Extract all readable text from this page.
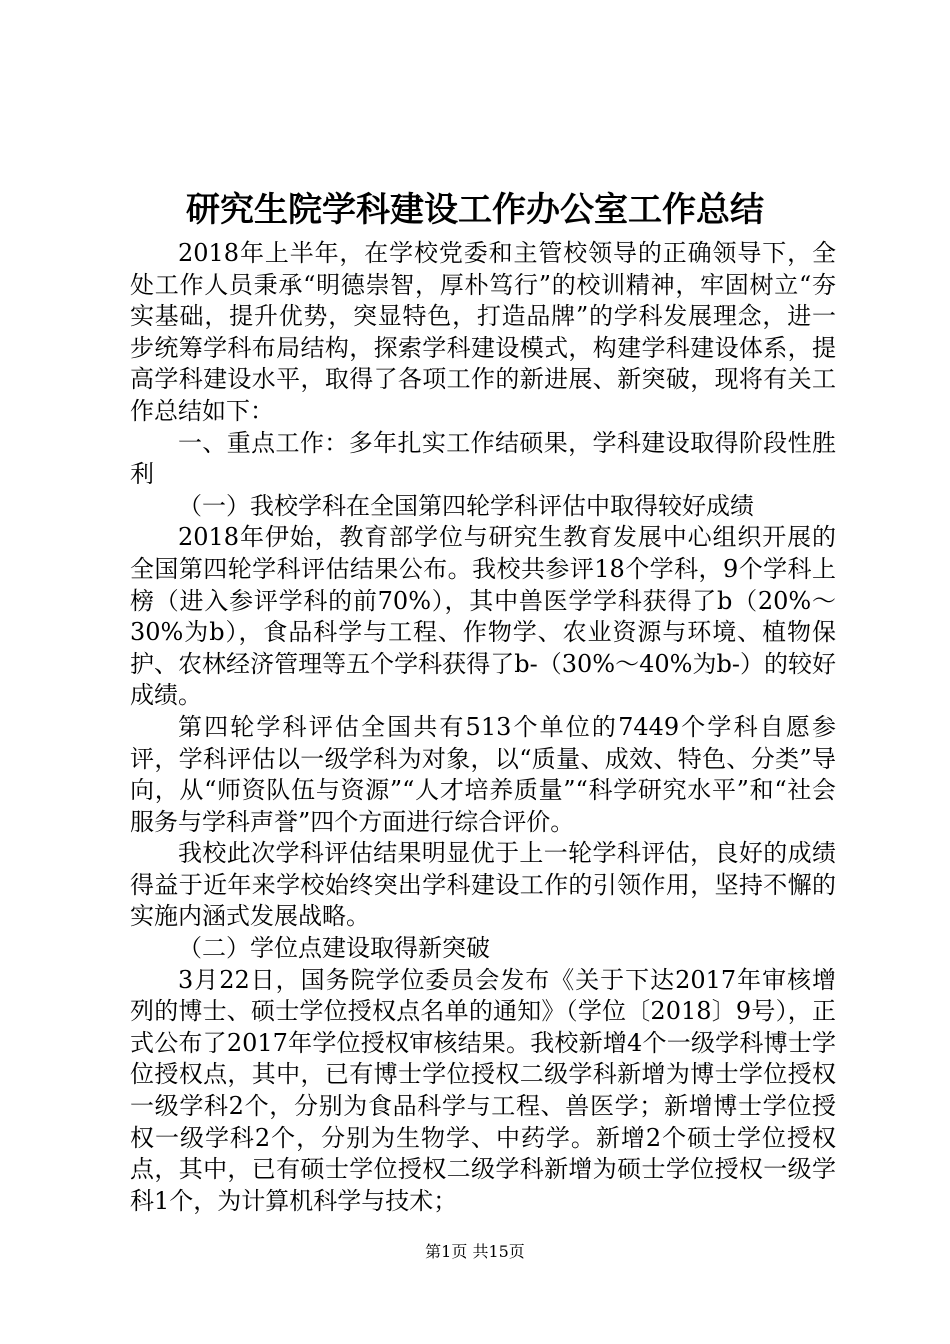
研究生院学科建设工作办公室工作总结

2018年上半年，在学校党委和主管校领导的正确领导下，全处工作人员秉承“明德崇智，厚朴笃行”的校训精神，牢固树立“夯实基础，提升优势，突显特色，打造品牌”的学科发展理念，进一步统筹学科布局结构，探索学科建设模式，构建学科建设体系，提高学科建设水平，取得了各项工作的新进展、新突破，现将有关工作总结如下：

一、重点工作：多年扎实工作结硕果，学科建设取得阶段性胜利

（一）我校学科在全国第四轮学科评估中取得较好成绩

2018年伊始，教育部学位与研究生教育发展中心组织开展的全国第四轮学科评估结果公布。我校共参评18个学科，9个学科上榜（进入参评学科的前70%），其中兽医学学科获得了b（20%～30%为b），食品科学与工程、作物学、农业资源与环境、植物保护、农林经济管理等五个学科获得了b-（30%～40%为b-）的较好成绩。

第四轮学科评估全国共有513个单位的7449个学科自愿参评，学科评估以一级学科为对象，以“质量、成效、特色、分类”导向，从“师资队伍与资源”“人才培养质量”“科学研究水平”和“社会服务与学科声誉”四个方面进行综合评价。

我校此次学科评估结果明显优于上一轮学科评估，良好的成绩得益于近年来学校始终突出学科建设工作的引领作用，坚持不懈的实施内涵式发展战略。

（二）学位点建设取得新突破

3月22日，国务院学位委员会发布《关于下达2017年审核增列的博士、硕士学位授权点名单的通知》（学位〔2018〕9号），正式公布了2017年学位授权审核结果。我校新增4个一级学科博士学位授权点，其中，已有博士学位授权二级学科新增为博士学位授权一级学科2个，分别为食品科学与工程、兽医学；新增博士学位授权一级学科2个，分别为生物学、中药学。新增2个硕士学位授权点，其中，已有硕士学位授权二级学科新增为硕士学位授权一级学科1个，为计算机科学与技术；

第1页 共15页
